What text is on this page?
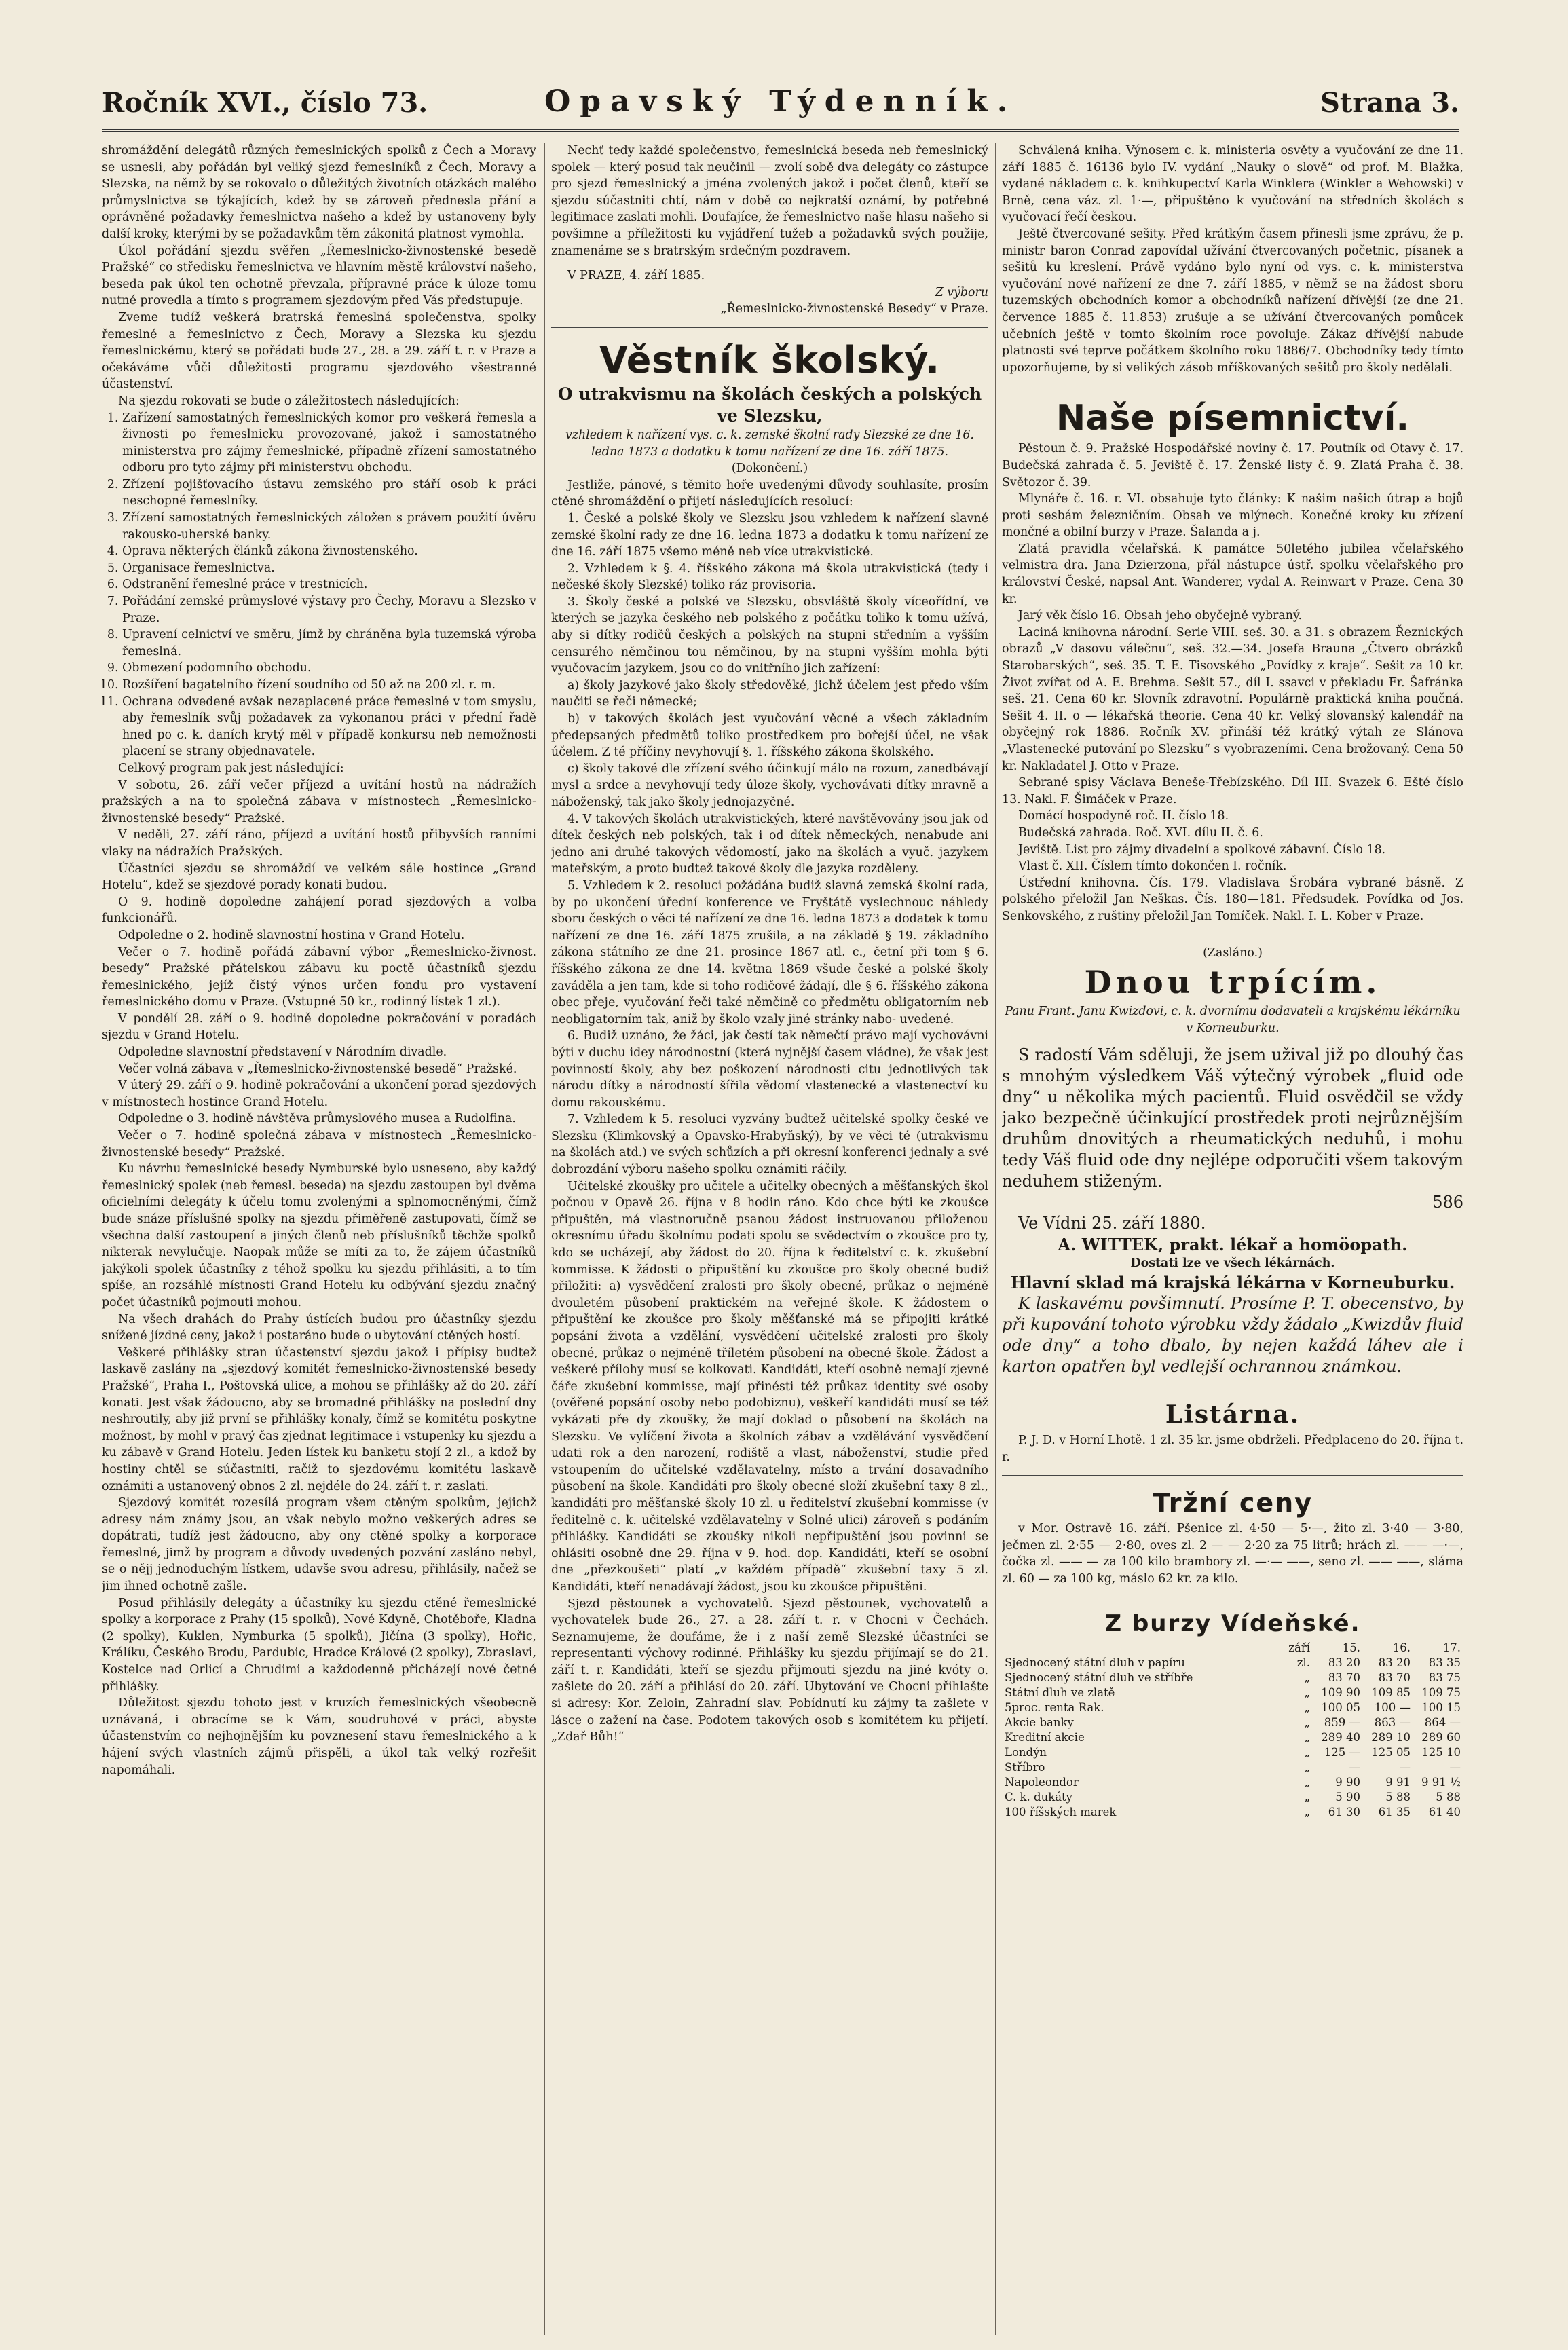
Ročník XVI., číslo 73.	Opavský Týdenník.	Strana 3.

shromáždění delegátů různých řemeslnických spolků z Čech a Moravy se usnesli, aby pořádán byl veliký sjezd řemeslníků z Čech, Moravy a Slezska, na němž by se rokovalo o důležitých životních otázkách malého průmyslnictva se týkajících, kdež by se zároveň přednesla přání a oprávněné požadavky řemeslnictva našeho a kdež by ustanoveny byly další kroky, kterými by se požadavkům těm zákonitá platnost vymohla.

Úkol pořádání sjezdu svěřen „Řemeslnicko-živnostenské besedě Pražské“ co středisku řemeslnictva ve hlavním městě království našeho, beseda pak úkol ten ochotně převzala, přípravné práce k úloze tomu nutné provedla a tímto s programem sjezdovým před Vás předstupuje.

Zveme tudíž veškerá bratrská řemeslná společenstva, spolky řemeslné a řemeslnictvo z Čech, Moravy a Slezska ku sjezdu řemeslnickému, který se pořádati bude 27., 28. a 29. září t. r. v Praze a očekáváme vůči důležitosti programu sjezdového všestranné účastenství.

Na sjezdu rokovati se bude o záležitostech následujících:

1. Zařízení samostatných řemeslnických komor pro veškerá řemesla a živnosti po řemeslnicku provozované, jakož i samostatného ministerstva pro zájmy řemeslnické, případně zřízení samostatného odboru pro tyto zájmy při ministerstvu obchodu.
2. Zřízení pojišťovacího ústavu zemského pro stáří osob k práci neschopné řemeslníky.
3. Zřízení samostatných řemeslnických záložen s právem použití úvěru rakousko-uherské banky.
4. Oprava některých článků zákona živnostenského.
5. Organisace řemeslnictva.
6. Odstranění řemeslné práce v trestnicích.
7. Pořádání zemské průmyslové výstavy pro Čechy, Moravu a Slezsko v Praze.
8. Upravení celnictví ve směru, jímž by chráněna byla tuzemská výroba řemeslná.
9. Obmezení podomního obchodu.
10. Rozšíření bagatelního řízení soudního od 50 až na 200 zl. r. m.
11. Ochrana odvedené avšak nezaplacené práce řemeslné v tom smyslu, aby řemeslník svůj požadavek za vykonanou práci v přední řadě hned po c. k. daních krytý měl v případě konkursu neb nemožnosti placení se strany objednavatele.

Celkový program pak jest následující:

V sobotu, 26. září večer příjezd a uvítání hostů na nádražích pražských a na to společná zábava v místnostech „Řemeslnicko-živnostenské besedy“ Pražské.

V neděli, 27. září ráno, příjezd a uvítání hostů přibyvších ranními vlaky na nádražích Pražských.

Účastníci sjezdu se shromáždí ve velkém sále hostince „Grand Hotelu“, kdež se sjezdové porady konati budou.

O 9. hodině dopoledne zahájení porad sjezdových a volba funkcionářů.

Odpoledne o 2. hodině slavnostní hostina v Grand Hotelu.

Večer o 7. hodině pořádá zábavní výbor „Řemeslnicko-živnost. besedy“ Pražské přátelskou zábavu ku poctě účastníků sjezdu řemeslnického, jejíž čistý výnos určen fondu pro vystavení řemeslnického domu v Praze. (Vstupné 50 kr., rodinný lístek 1 zl.).

V pondělí 28. září o 9. hodině dopoledne pokračování v poradách sjezdu v Grand Hotelu.

Odpoledne slavnostní představení v Národním divadle.

Večer volná zábava v „Řemeslnicko-živnostenské besedě“ Pražské.

V úterý 29. září o 9. hodině pokračování a ukončení porad sjezdových v místnostech hostince Grand Hotelu.

Odpoledne o 3. hodině návštěva průmyslového musea a Rudolfina.

Večer o 7. hodině společná zábava v místnostech „Řemeslnicko-živnostenské besedy“ Pražské.

Ku návrhu řemeslnické besedy Nymburské bylo usneseno, aby každý řemeslnický spolek (neb řemesl. beseda) na sjezdu zastoupen byl dvěma oficielními delegáty k účelu tomu zvolenými a splnomocněnými, čímž bude snáze příslušné spolky na sjezdu přiměřeně zastupovati, čímž se všechna další zastoupení a jiných členů neb příslušníků těchže spolků nikterak nevylučuje. Naopak může se míti za to, že zájem účastníků jakýkoli spolek účastníky z téhož spolku ku sjezdu přihlásiti, a to tím spíše, an rozsáhlé místnosti Grand Hotelu ku odbývání sjezdu značný počet účastníků pojmouti mohou.

Na všech drahách do Prahy ústících budou pro účastníky sjezdu snížené jízdné ceny, jakož i postaráno bude o ubytování ctěných hostí.

Veškeré přihlášky stran účastenství sjezdu jakož i přípisy budtež laskavě zaslány na „sjezdový komitét řemeslnicko-živnostenské besedy Pražské“, Praha I., Poštovská ulice, a mohou se přihlášky až do 20. září konati. Jest však žádoucno, aby se bromadné přihlášky na poslední dny neshroutily, aby již první se přihlášky konaly, čímž se komitétu poskytne možnost, by mohl v pravý čas zjednat legitimace i vstupenky ku sjezdu a ku zábavě v Grand Hotelu. Jeden lístek ku banketu stojí 2 zl., a kdož by hostiny chtěl se súčastniti, račiž to sjezdovému komitétu laskavě oznámiti a ustanovený obnos 2 zl. nejdéle do 24. září t. r. zaslati.

Sjezdový komitét rozesílá program všem ctěným spolkům, jejichž adresy nám známy jsou, an však nebylo možno veškerých adres se dopátrati, tudíž jest žádoucno, aby ony ctěné spolky a korporace řemeslné, jimž by program a důvody uvedených pozvání zasláno nebyl, se o nějj jednoduchým lístkem, udavše svou adresu, přihlásily, načež se jim ihned ochotně zašle.

Posud přihlásily delegáty a účastníky ku sjezdu ctěné řemeslnické spolky a korporace z Prahy (15 spolků), Nové Kdyně, Chotěboře, Kladna (2 spolky), Kuklen, Nymburka (5 spolků), Jičína (3 spolky), Hořic, Králíku, Českého Brodu, Pardubic, Hradce Králové (2 spolky), Zbraslavi, Kostelce nad Orlicí a Chrudimi a každodenně přicházejí nové četné přihlášky.

Důležitost sjezdu tohoto jest v kruzích řemeslnických všeobecně uznávaná, i obracíme se k Vám, soudruhové v práci, abyste účastenstvím co nejhojnějším ku povznesení stavu řemeslnického a k hájení svých vlastních zájmů přispěli, a úkol tak velký rozřešit napomáhali.

Nechť tedy každé společenstvo, řemeslnická beseda neb řemeslnický spolek — který posud tak neučinil — zvolí sobě dva delegáty co zástupce pro sjezd řemeslnický a jména zvolených jakož i počet členů, kteří se sjezdu súčastniti chtí, nám v době co nejkratší oznámí, by potřebné legitimace zaslati mohli. Doufajíce, že řemeslnictvo naše hlasu našeho si povšimne a příležitosti ku vyjádření tužeb a požadavků svých použije, znamenáme se s bratrským srdečným pozdravem.

V PRAZE, 4. září 1885.

Z výboru

„Řemeslnicko-živnostenské Besedy“ v Praze.

Věstník školský.
O utrakvismu na školách českých a polských ve Slezsku,

vzhledem k nařízení vys. c. k. zemské školní rady Slezské ze dne 16. ledna 1873 a dodatku k tomu nařízení ze dne 16. září 1875.

(Dokončení.)

Jestliže, pánové, s těmito hoře uvedenými důvody souhlasíte, prosím ctěné shromáždění o přijetí následujících resolucí:

1. České a polské školy ve Slezsku jsou vzhledem k nařízení slavné zemské školní rady ze dne 16. ledna 1873 a dodatku k tomu nařízení ze dne 16. září 1875 všemo méně neb více utrakvistické.

2. Vzhledem k §. 4. říšského zákona má škola utrakvistická (tedy i nečeské školy Slezské) toliko ráz provisoria.

3. Školy české a polské ve Slezsku, obsvláště školy víceořídní, ve kterých se jazyka českého neb polského z počátku toliko k tomu užívá, aby si dítky rodičů českých a polských na stupni středním a vyšším censurého němčinou tou němčinou, by na stupni vyšším mohla býti vyučovacím jazykem, jsou co do vnitřního jich zařízení:

a) školy jazykové jako školy středověké, jichž účelem jest předo vším naučiti se řeči německé;

b) v takových školách jest vyučování věcné a všech základním předepsaných předmětů toliko prostředkem pro bořejší účel, ne však účelem. Z té příčiny nevyhovují §. 1. říšského zákona školského.

c) školy takové dle zřízení svého účinkují málo na rozum, zanedbávají mysl a srdce a nevyhovují tedy úloze školy, vychovávati dítky mravně a náboženský, tak jako školy jednojazyčné.

4. V takových školách utrakvistických, které navštěvovány jsou jak od dítek českých neb polských, tak i od dítek německých, nenabude ani jedno ani druhé takových vědomostí, jako na školách a vyuč. jazykem mateřským, a proto budtež takové školy dle jazyka rozděleny.

5. Vzhledem k 2. resoluci požádána budiž slavná zemská školní rada, by po ukončení úřední konference ve Fryštátě vyslechnouc náhledy sboru českých o věci té nařízení ze dne 16. ledna 1873 a dodatek k tomu nařízení ze dne 16. září 1875 zrušila, a na základě § 19. základního zákona státního ze dne 21. prosince 1867 atl. c., četní při tom § 6. říšského zákona ze dne 14. května 1869 všude české a polské školy zaváděla a jen tam, kde si toho rodičové žádají, dle § 6. říšského zákona obec přeje, vyučování řeči také němčině co předmětu obligatorním neb neobligatorním tak, aniž by školo vzaly jiné stránky nabo- uvedené.

6. Budiž uznáno, že žáci, jak čestí tak němečtí právo mají vychovávni býti v duchu idey národnostní (která nyjnější časem vládne), že však jest povinností školy, aby bez poškození národnosti citu jednotlivých tak národu dítky a národností šířila vědomí vlastenecké a vlastenectví ku domu rakouskému.

7. Vzhledem k 5. resoluci vyzvány budtež učitelské spolky české ve Slezsku (Klimkovský a Opavsko-Hrabyňský), by ve věci té (utrakvismu na školách atd.) ve svých schůzích a při okresní konferenci jednaly a své dobrozdání výboru našeho spolku oznámiti ráčily.

Učitelské zkoušky pro učitele a učitelky obecných a měšťanských škol počnou v Opavě 26. října v 8 hodin ráno. Kdo chce býti ke zkoušce připuštěn, má vlastnoručně psanou žádost instruovanou přiloženou okresnímu úřadu školnímu podati spolu se svědectvím o zkoušce pro ty, kdo se ucházejí, aby žádost do 20. října k ředitelství c. k. zkušební kommisse. K žádosti o připuštění ku zkoušce pro školy obecné budiž přiložiti: a) vysvědčení zralosti pro školy obecné, průkaz o nejméně dvouletém působení praktickém na veřejné škole. K žádostem o připuštění ke zkoušce pro školy měšťanské má se připojiti krátké popsání života a vzdělání, vysvědčení učitelské zralosti pro školy obecné, průkaz o nejméně tříletém působení na obecné škole. Žádost a veškeré přílohy musí se kolkovati. Kandidáti, kteří osobně nemají zjevné čáře zkušební kommisse, mají přinésti též průkaz identity své osoby (ověřené popsání osoby nebo podobiznu), veškeří kandidáti musí se též vykázati pře dy zkoušky, že mají doklad o působení na školách na Slezsku. Ve vylíčení života a školních zábav a vzdělávání vysvědčení udati rok a den narození, rodiště a vlast, náboženství, studie před vstoupením do učitelské vzdělavatelny, místo a trvání dosavadního působení na škole. Kandidáti pro školy obecné složí zkušební taxy 8 zl., kandidáti pro měšťanské školy 10 zl. u ředitelství zkušební kommisse (v ředitelně c. k. učitelské vzdělavatelny v Solné ulici) zároveň s podáním přihlášky. Kandidáti se zkoušky nikoli nepřipuštění jsou povinni se ohlásiti osobně dne 29. října v 9. hod. dop. Kandidáti, kteří se osobní dne „přezkoušeti“ platí „v každém případě“ zkušební taxy 5 zl. Kandidáti, kteří nenadávají žádost, jsou ku zkoušce připuštěni.

Sjezd pěstounek a vychovatelů. Sjezd pěstounek, vychovatelů a vychovatelek bude 26., 27. a 28. září t. r. v Chocni v Čechách. Seznamujeme, že doufáme, že i z naší země Slezské účastníci se representanti výchovy rodinné. Přihlášky ku sjezdu přijímají se do 21. září t. r. Kandidáti, kteří se sjezdu přijmouti sjezdu na jiné kvóty o. zašlete do 20. září a přihlásí do 20. září. Ubytování ve Chocni přihlašte si adresy: Kor. Zeloin, Zahradní slav. Pobídnutí ku zájmy ta zašlete v lásce o zažení na čase. Podotem takových osob s komitétem ku přijetí. „Zdař Bůh!“

Schválená kniha. Výnosem c. k. ministeria osvěty a vyučování ze dne 11. září 1885 č. 16136 bylo IV. vydání „Nauky o slově“ od prof. M. Blažka, vydané nákladem c. k. knihkupectví Karla Winklera (Winkler a Wehowski) v Brně, cena váz. zl. 1·—, připuštěno k vyučování na středních školách s vyučovací řečí českou.

Ještě čtvercované sešity. Před krátkým časem přinesli jsme zprávu, že p. ministr baron Conrad zapovídal užívání čtvercovaných početnic, písanek a sešitů ku kreslení. Právě vydáno bylo nyní od vys. c. k. ministerstva vyučování nové nařízení ze dne 7. září 1885, v němž se na žádost sboru tuzemských obchodních komor a obchodníků nařízení dřívější (ze dne 21. července 1885 č. 11.853) zrušuje a se užívání čtvercovaných pomůcek učebních ještě v tomto školním roce povoluje. Zákaz dřívější nabude platnosti své teprve počátkem školního roku 1886/7. Obchodníky tedy tímto upozorňujeme, by si velikých zásob mříškovaných sešitů pro školy nedělali.

Naše písemnictví.

Pěstoun č. 9. Pražské Hospodářské noviny č. 17. Poutník od Otavy č. 17. Budečská zahrada č. 5. Jeviště č. 17. Ženské listy č. 9. Zlatá Praha č. 38. Světozor č. 39.

Mlynáře č. 16. r. VI. obsahuje tyto články: K našim našich útrap a bojů proti sesbám železničním. Obsah ve mlýnech. Konečné kroky ku zřízení mončné a obilní burzy v Praze. Šalanda a j.

Zlatá pravidla včelařská. K památce 50letého jubilea včelařského velmistra dra. Jana Dzierzona, přál nástupce ústř. spolku včelařského pro království České, napsal Ant. Wanderer, vydal A. Reinwart v Praze. Cena 30 kr.

Jarý věk číslo 16. Obsah jeho obyčejně vybraný.

Laciná knihovna národní. Serie VIII. seš. 30. a 31. s obrazem Řeznických obrazů „V dasovu válečnu“, seš. 32.—34. Josefa Brauna „Čtvero obrázků Starobarských“, seš. 35. T. E. Tisovského „Povídky z kraje“. Sešit za 10 kr. Život zvířat od A. E. Brehma. Sešit 57., díl I. ssavci v překladu Fr. Šafránka seš. 21. Cena 60 kr. Slovník zdravotní. Populárně praktická kniha poučná. Sešit 4. II. o — lékařská theorie. Cena 40 kr. Velký slovanský kalendář na obyčejný rok 1886. Ročník XV. přináší též krátký výtah ze Slánova „Vlastenecké putování po Slezsku“ s vyobrazeními. Cena brožovaný. Cena 50 kr. Nakladatel J. Otto v Praze.

Sebrané spisy Václava Beneše-Třebízského. Díl III. Svazek 6. Ešté číslo 13. Nakl. F. Šimáček v Praze.

Domácí hospodyně roč. II. číslo 18.

Budečská zahrada. Roč. XVI. dílu II. č. 6.

Jeviště. List pro zájmy divadelní a spolkové zábavní. Číslo 18.

Vlast č. XII. Číslem tímto dokončen I. ročník.

Ústřední knihovna. Čís. 179. Vladislava Šrobára vybrané básně. Z polského přeložil Jan Neškas. Čís. 180—181. Předsudek. Povídka od Jos. Senkovského, z ruštiny přeložil Jan Tomíček. Nakl. I. L. Kober v Praze.

(Zasláno.)

Dnou trpícím.

Panu Frant. Janu Kwizdovi, c. k. dvornímu dodavateli a krajskému lékárníku v Korneuburku.

S radostí Vám sděluji, že jsem užival již po dlouhý čas s mnohým výsledkem Váš výtečný výrobek „fluid ode dny“ u několika mých pacientů. Fluid osvědčil se vždy jako bezpečně účinkující prostředek proti nejrůznějším druhům dnovitých a rheumatických neduhů, i mohu tedy Váš fluid ode dny nejlépe odporučiti všem takovým neduhem stiženým.

586

Ve Vídni 25. září 1880.

A. WITTEK, prakt. lékař a homöopath.

Dostati lze ve všech lékárnách.

Hlavní sklad má krajská lékárna v Korneuburku.

K laskavému povšimnutí. Prosíme P. T. obecenstvo, by při kupování tohoto výrobku vždy žádalo „Kwizdův fluid ode dny“ a toho dbalo, by nejen každá láhev ale i karton opatřen byl vedlejší ochrannou známkou.

Listárna.

P. J. D. v Horní Lhotě. 1 zl. 35 kr. jsme obdrželi. Předplaceno do 20. října t. r.

Tržní ceny

v Mor. Ostravě 16. září. Pšenice zl. 4·50 — 5·—, žito zl. 3·40 — 3·80, ječmen zl. 2·55 — 2·80, oves zl. 2 — — 2·20 za 75 litrů; hrách zl. —— —·—, čočka zl. —— — za 100 kilo brambory zl. —·— ——, seno zl. —— ——, sláma zl. 60 — za 100 kg, máslo 62 kr. za kilo.

Z burzy Vídeňské.
	září	15.	16.	17.
Sjednocený státní dluh v papíru	zl.	83 20	83 20	83 35
Sjednocený státní dluh ve stříbře	„	83 70	83 70	83 75
Státní dluh ve zlatě	„	109 90	109 85	109 75
5proc. renta Rak.	„	100 05	100 —	100 15
Akcie banky	„	859 —	863 —	864 —
Kreditní akcie	„	289 40	289 10	289 60
Londýn	„	125 —	125 05	125 10
Stříbro	„	—	—	—
Napoleondor	„	9 90	9 91	9 91 ½
C. k. dukáty	„	5 90	5 88	5 88
100 říšských marek	„	61 30	61 35	61 40
